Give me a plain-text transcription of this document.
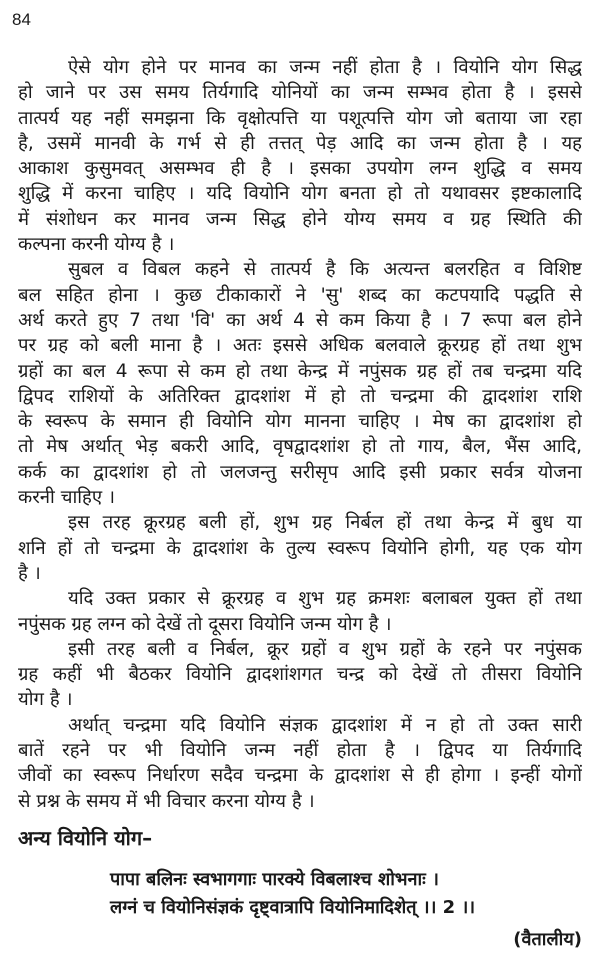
84
ऐसे योग होने पर मानव का जन्म नहीं होता है । वियोनि योग सिद्ध
हो जाने पर उस समय तिर्यगादि योनियों का जन्म सम्भव होता है । इससे
तात्पर्य यह नहीं समझना कि वृक्षोत्पत्ति या पशूत्पत्ति योग जो बताया जा रहा
है, उसमें मानवी के गर्भ से ही तत्तत् पेड़ आदि का जन्म होता है । यह
आकाश कुसुमवत् असम्भव ही है । इसका उपयोग लग्न शुद्धि व समय
शुद्धि में करना चाहिए । यदि वियोनि योग बनता हो तो यथावसर इष्टकालादि
में संशोधन कर मानव जन्म सिद्ध होने योग्य समय व ग्रह स्थिति की
कल्पना करनी योग्य है ।
सुबल व विबल कहने से तात्पर्य है कि अत्यन्त बलरहित व विशिष्ट
बल सहित होना । कुछ टीकाकारों ने 'सु' शब्द का कटपयादि पद्धति से
अर्थ करते हुए 7 तथा 'वि' का अर्थ 4 से कम किया है । 7 रूपा बल होने
पर ग्रह को बली माना है । अतः इससे अधिक बलवाले क्रूरग्रह हों तथा शुभ
ग्रहों का बल 4 रूपा से कम हो तथा केन्द्र में नपुंसक ग्रह हों तब चन्द्रमा यदि
द्विपद राशियों के अतिरिक्त द्वादशांश में हो तो चन्द्रमा की द्वादशांश राशि
के स्वरूप के समान ही वियोनि योग मानना चाहिए । मेष का द्वादशांश हो
तो मेष अर्थात् भेड़ बकरी आदि, वृषद्वादशांश हो तो गाय, बैल, भैंस आदि,
कर्क का द्वादशांश हो तो जलजन्तु सरीसृप आदि इसी प्रकार सर्वत्र योजना
करनी चाहिए ।
इस तरह क्रूरग्रह बली हों, शुभ ग्रह निर्बल हों तथा केन्द्र में बुध या
शनि हों तो चन्द्रमा के द्वादशांश के तुल्य स्वरूप वियोनि होगी, यह एक योग
है ।
यदि उक्त प्रकार से क्रूरग्रह व शुभ ग्रह क्रमशः बलाबल युक्त हों तथा
नपुंसक ग्रह लग्न को देखें तो दूसरा वियोनि जन्म योग है ।
इसी तरह बली व निर्बल, क्रूर ग्रहों व शुभ ग्रहों के रहने पर नपुंसक
ग्रह कहीं भी बैठकर वियोनि द्वादशांशगत चन्द्र को देखें तो तीसरा वियोनि
योग है ।
अर्थात् चन्द्रमा यदि वियोनि संज्ञक द्वादशांश में न हो तो उक्त सारी
बातें रहने पर भी वियोनि जन्म नहीं होता है । द्विपद या तिर्यगादि
जीवों का स्वरूप निर्धारण सदैव चन्द्रमा के द्वादशांश से ही होगा । इन्हीं योगों
से प्रश्न के समय में भी विचार करना योग्य है ।
अन्य वियोनि योग–
पापा बलिनः स्वभागगाः पारक्ये विबलाश्च शोभनाः ।
लग्नं च वियोनिसंज्ञकं दृष्ट्वात्रापि वियोनिमादिशेत् ।। 2 ।।
(वैतालीय)
